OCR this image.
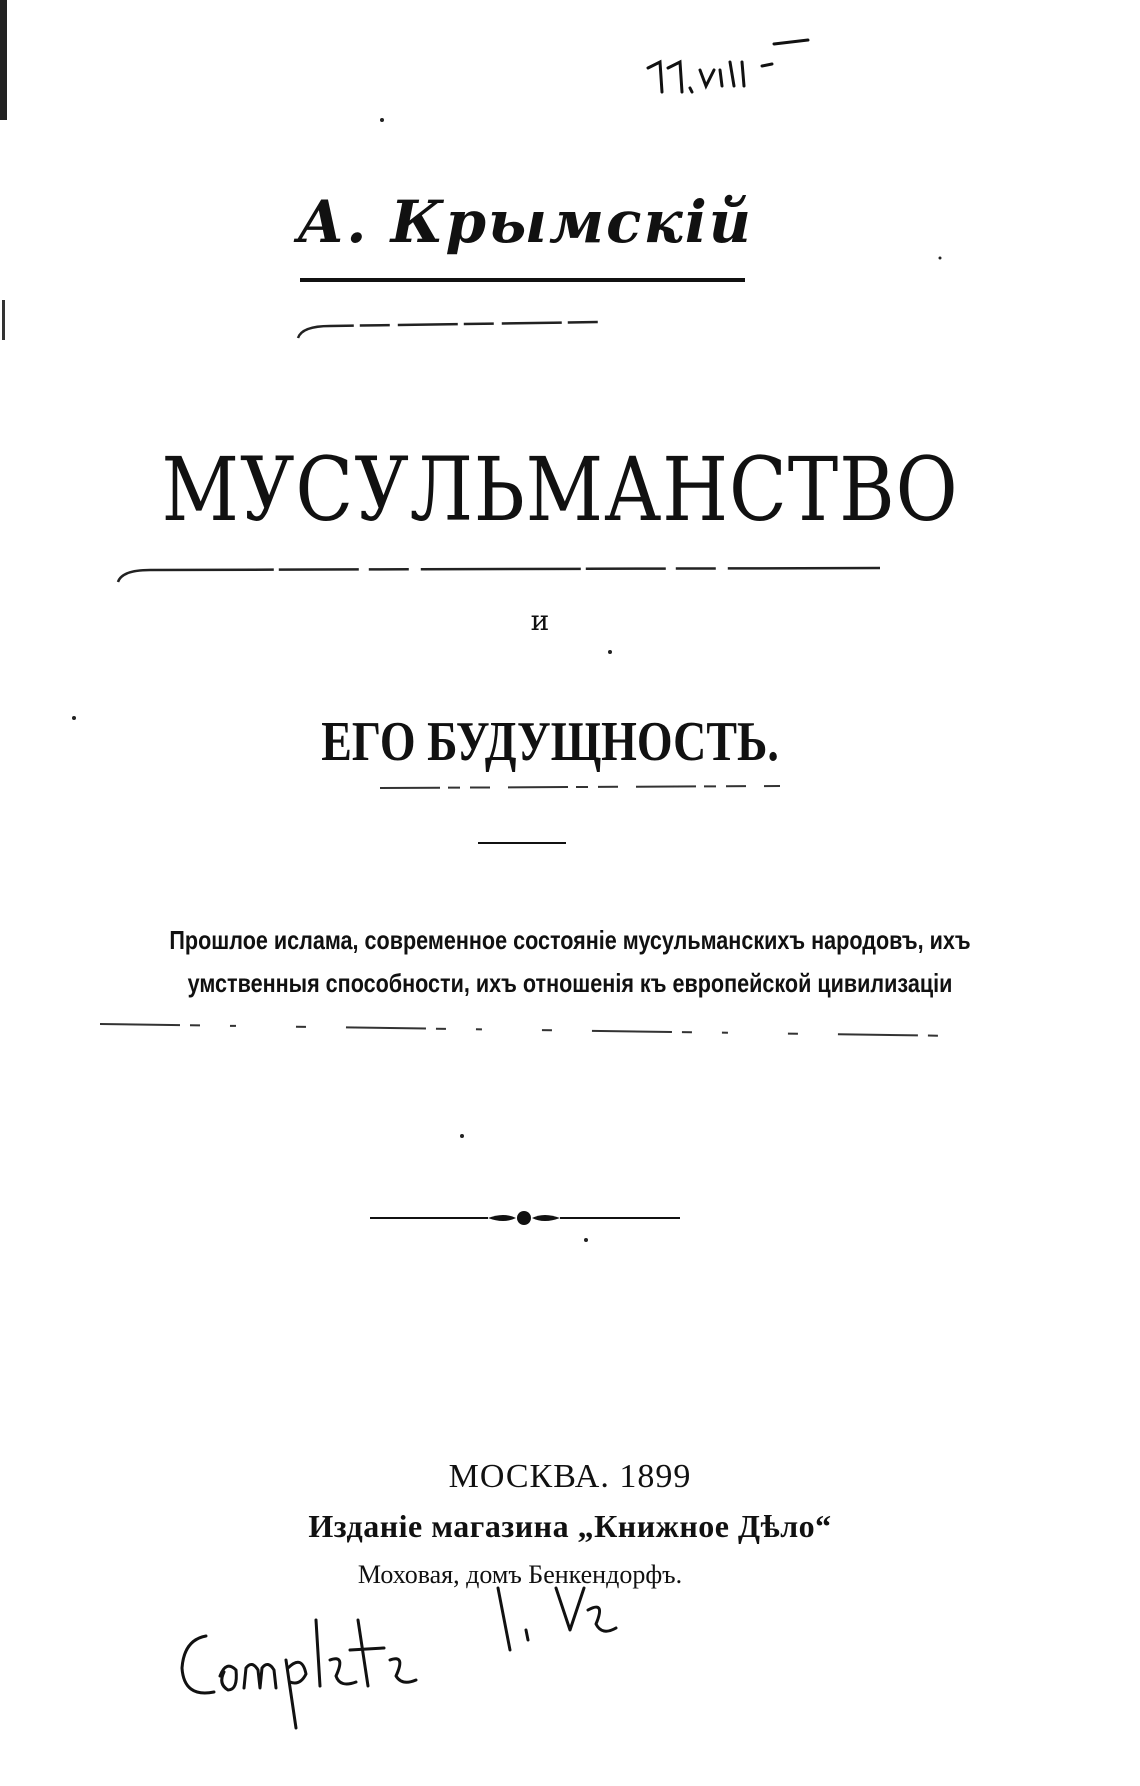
А. Крымскій
МУСУЛЬМАНСТВО
и
ЕГО БУДУЩНОСТЬ.
Прошлое ислама, современное состояніе мусульманскихъ народовъ, ихъ
умственныя способности, ихъ отношенія къ европейской цивилизаціи
МОСКВА. 1899
Изданіе магазина „Книжное Дѣло“
Моховая, домъ Бенкендорфъ.
